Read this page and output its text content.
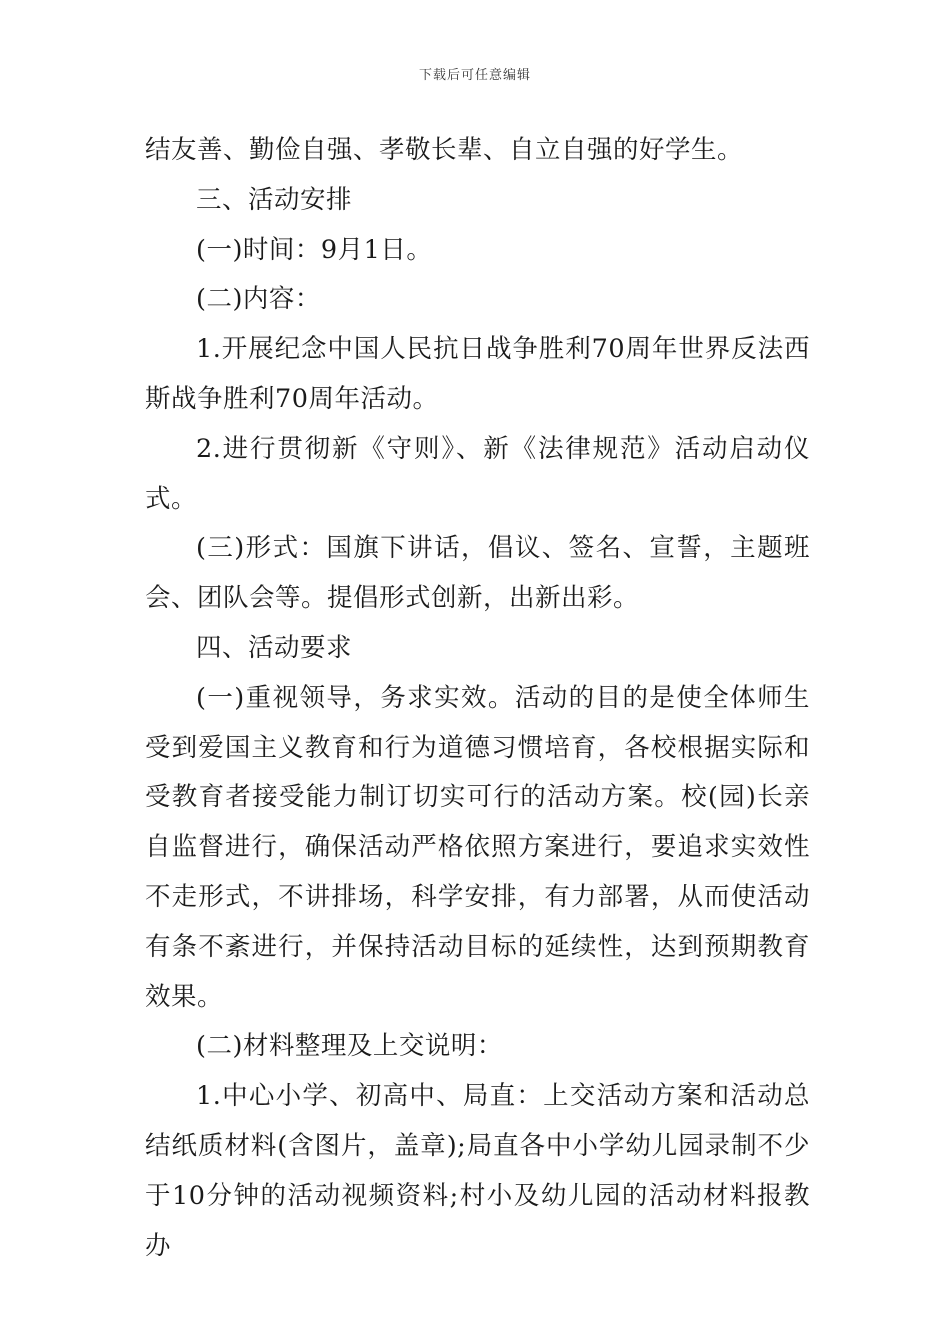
下载后可任意编辑

结友善、勤俭自强、孝敬长辈、自立自强的好学生。

三、活动安排

(一)时间：9月1日。

(二)内容：

1.开展纪念中国人民抗日战争胜利70周年世界反法西斯战争胜利70周年活动。

2.进行贯彻新《守则》、新《法律规范》活动启动仪式。

(三)形式：国旗下讲话，倡议、签名、宣誓，主题班会、团队会等。提倡形式创新，出新出彩。

四、活动要求

(一)重视领导，务求实效。活动的目的是使全体师生受到爱国主义教育和行为道德习惯培育，各校根据实际和受教育者接受能力制订切实可行的活动方案。校(园)长亲自监督进行，确保活动严格依照方案进行，要追求实效性不走形式，不讲排场，科学安排，有力部署，从而使活动有条不紊进行，并保持活动目标的延续性，达到预期教育效果。

(二)材料整理及上交说明：

1.中心小学、初高中、局直：上交活动方案和活动总结纸质材料(含图片，盖章);局直各中小学幼儿园录制不少于10分钟的活动视频资料;村小及幼儿园的活动材料报教办
